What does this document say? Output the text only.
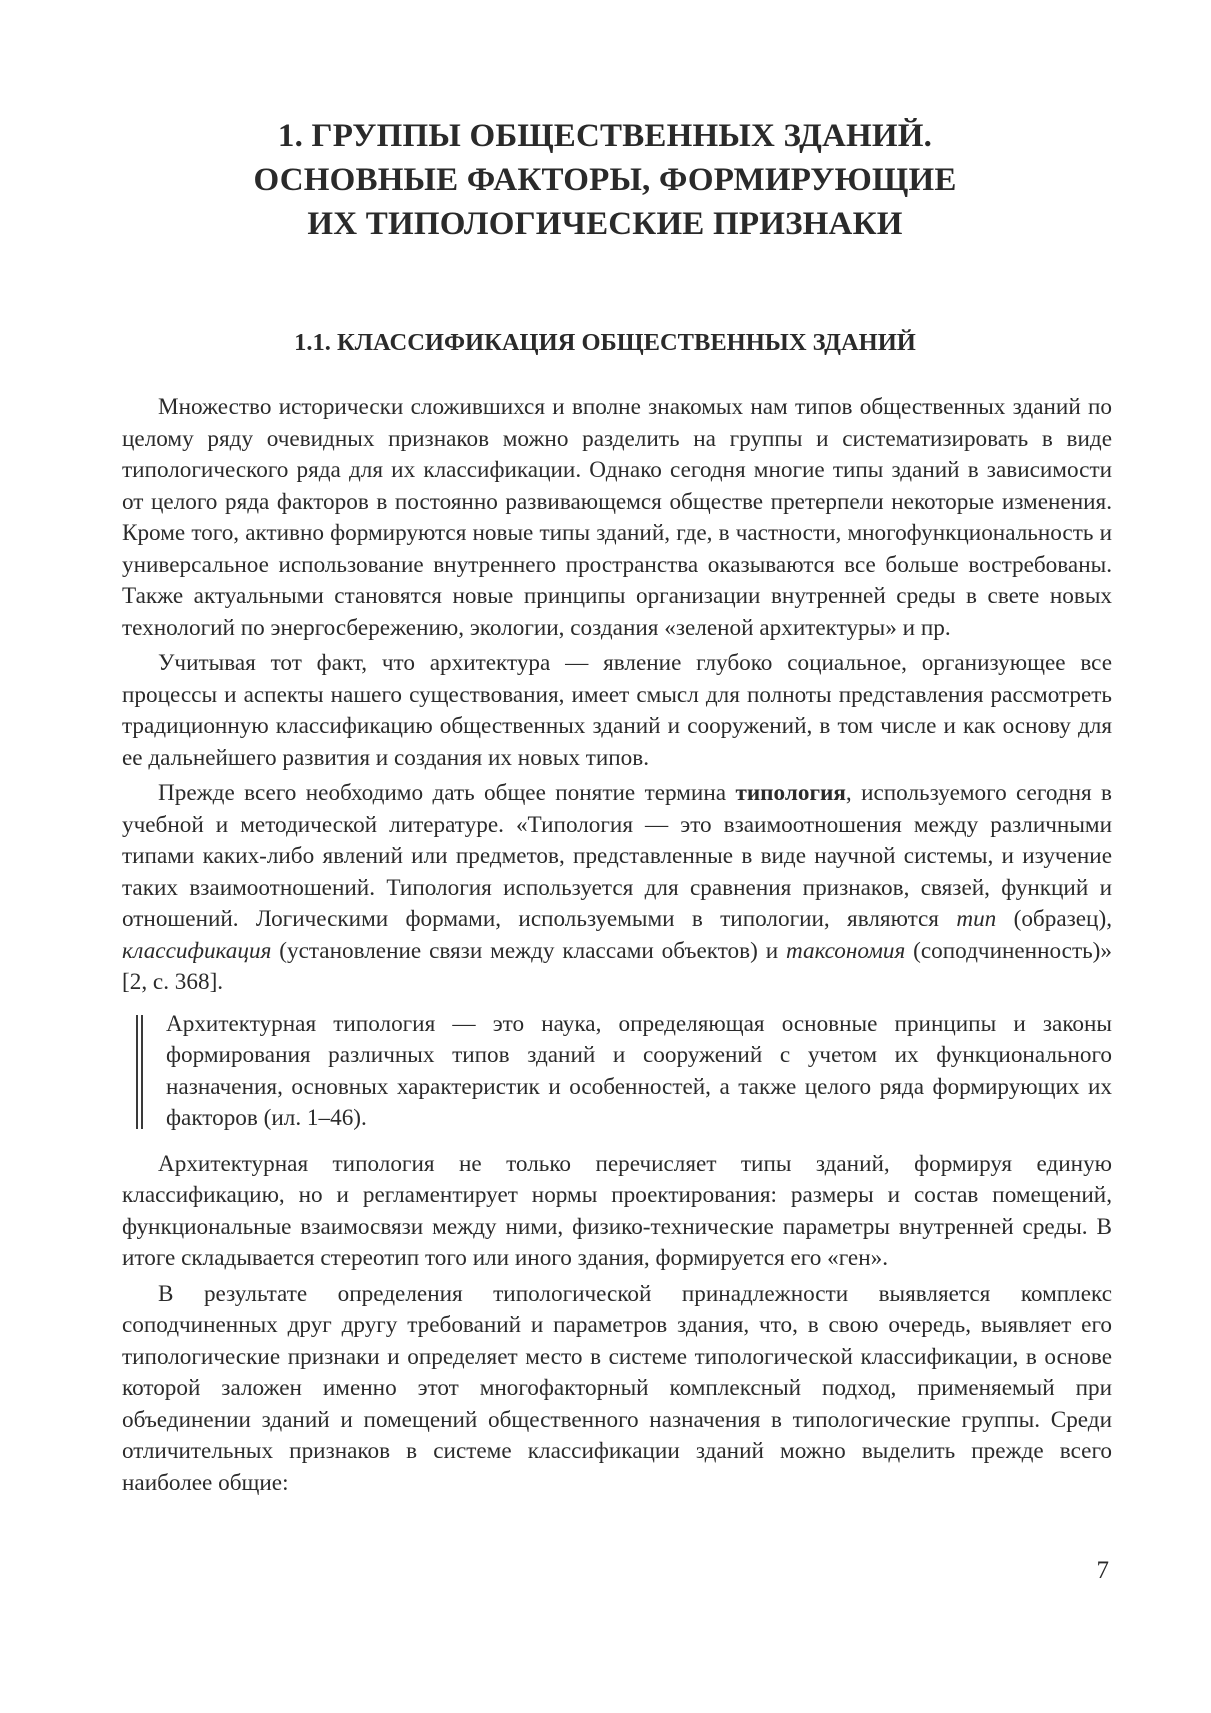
1. ГРУППЫ ОБЩЕСТВЕННЫХ ЗДАНИЙ.
ОСНОВНЫЕ ФАКТОРЫ, ФОРМИРУЮЩИЕ
ИХ ТИПОЛОГИЧЕСКИЕ ПРИЗНАКИ
1.1. КЛАССИФИКАЦИЯ ОБЩЕСТВЕННЫХ ЗДАНИЙ

Множество исторически сложившихся и вполне знакомых нам типов общественных зданий по целому ряду очевидных признаков можно разделить на группы и систематизировать в виде типологического ряда для их классификации. Однако сегодня многие типы зданий в зависимости от целого ряда факторов в постоянно развивающемся обществе претерпели некоторые изменения. Кроме того, активно формируются новые типы зданий, где, в частности, многофункциональность и универсальное использование внутреннего пространства оказываются все больше востребованы. Также актуальными становятся новые принципы организации внутренней среды в свете новых технологий по энергосбережению, экологии, создания «зеленой архитектуры» и пр.

Учитывая тот факт, что архитектура — явление глубоко социальное, организующее все процессы и аспекты нашего существования, имеет смысл для полноты представления рассмотреть традиционную классификацию общественных зданий и сооружений, в том числе и как основу для ее дальнейшего развития и создания их новых типов.

Прежде всего необходимо дать общее понятие термина типология, используемого сегодня в учебной и методической литературе. «Типология — это взаимоотношения между различными типами каких-либо явлений или предметов, представленные в виде научной системы, и изучение таких взаимоотношений. Типология используется для сравнения признаков, связей, функций и отношений. Логическими формами, используемыми в типологии, являются тип (образец), классификация (установление связи между классами объектов) и таксономия (соподчиненность)» [2, с. 368].

Архитектурная типология — это наука, определяющая основные принципы и законы формирования различных типов зданий и сооружений с учетом их функционального назначения, основных характеристик и особенностей, а также целого ряда формирующих их факторов (ил. 1–46).

Архитектурная типология не только перечисляет типы зданий, формируя единую классификацию, но и регламентирует нормы проектирования: размеры и состав помещений, функциональные взаимосвязи между ними, физико-технические параметры внутренней среды. В итоге складывается стереотип того или иного здания, формируется его «ген».

В результате определения типологической принадлежности выявляется комплекс соподчиненных друг другу требований и параметров здания, что, в свою очередь, выявляет его типологические признаки и определяет место в системе типологической классификации, в основе которой заложен именно этот многофакторный комплексный подход, применяемый при объединении зданий и помещений общественного назначения в типологические группы. Среди отличительных признаков в системе классификации зданий можно выделить прежде всего наиболее общие:

7
